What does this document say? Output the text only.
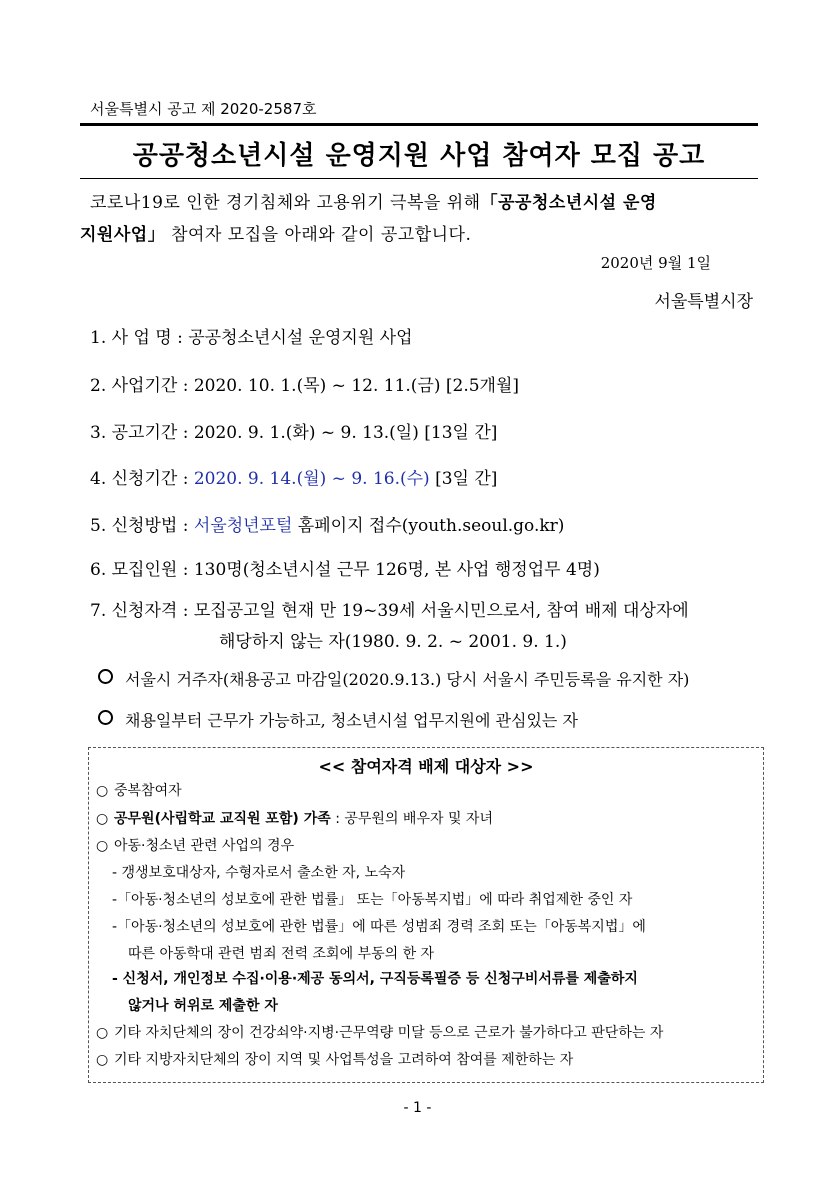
서울특별시 공고 제 2020-2587호
공공청소년시설 운영지원 사업 참여자 모집 공고
코로나19로 인한 경기침체와 고용위기 극복을 위해「공공청소년시설 운영
지원사업」 참여자 모집을 아래와 같이 공고합니다.
2020년 9월 1일
서울특별시장
1. 사 업 명 : 공공청소년시설 운영지원 사업
2. 사업기간 : 2020. 10. 1.(목) ~ 12. 11.(금) [2.5개월]
3. 공고기간 : 2020. 9. 1.(화) ~ 9. 13.(일) [13일 간]
4. 신청기간 : 2020. 9. 14.(월) ~ 9. 16.(수) [3일 간]
5. 신청방법 : 서울청년포털 홈페이지 접수(youth.seoul.go.kr)
6. 모집인원 : 130명(청소년시설 근무 126명, 본 사업 행정업무 4명)
7. 신청자격 : 모집공고일 현재 만 19~39세 서울시민으로서, 참여 배제 대상자에
해당하지 않는 자(1980. 9. 2. ~ 2001. 9. 1.)
서울시 거주자(채용공고 마감일(2020.9.13.) 당시 서울시 주민등록을 유지한 자)
채용일부터 근무가 가능하고, 청소년시설 업무지원에 관심있는 자
<< 참여자격 배제 대상자 >>
○ 중복참여자
○ 공무원(사립학교 교직원 포함) 가족 : 공무원의 배우자 및 자녀
○ 아동·청소년 관련 사업의 경우
- 갱생보호대상자, 수형자로서 출소한 자, 노숙자
-「아동·청소년의 성보호에 관한 법률」 또는「아동복지법」에 따라 취업제한 중인 자
-「아동·청소년의 성보호에 관한 법률」에 따른 성범죄 경력 조회 또는「아동복지법」에
따른 아동학대 관련 범죄 전력 조회에 부동의 한 자
- 신청서, 개인정보 수집·이용·제공 동의서, 구직등록필증 등 신청구비서류를 제출하지
않거나 허위로 제출한 자
○ 기타 자치단체의 장이 건강쇠약·지병·근무역량 미달 등으로 근로가 불가하다고 판단하는 자
○ 기타 지방자치단체의 장이 지역 및 사업특성을 고려하여 참여를 제한하는 자
- 1 -
